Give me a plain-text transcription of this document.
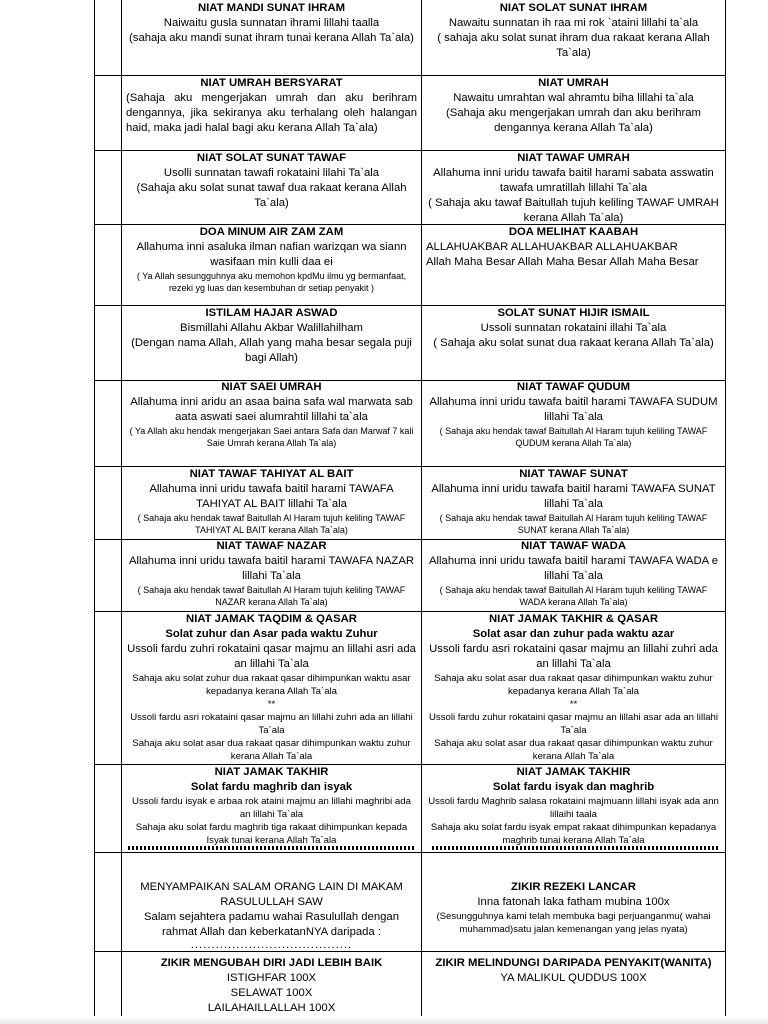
NIAT MANDI SUNAT IHRAM
Naiwaitu gusla sunnatan ihrami lillahi taalla
(sahaja aku mandi sunat ihram tunai kerana Allah Ta`ala)
NIAT SOLAT SUNAT IHRAM
Nawaitu sunnatan ih raa mi rok `ataini lillahi ta`ala
( sahaja aku solat sunat ihram dua rakaat kerana Allah Ta`ala)
NIAT UMRAH BERSYARAT
(Sahaja aku mengerjakan umrah dan aku berihram dengannya, jika sekiranya aku terhalang oleh halangan haid, maka jadi halal bagi aku kerana Allah Ta`ala)
NIAT UMRAH
Nawaitu umrahtan wal ahramtu biha lillahi ta`ala
(Sahaja aku mengerjakan umrah dan aku berihram dengannya kerana Allah Ta`ala)
NIAT SOLAT SUNAT TAWAF
Usolli sunnatan tawafi rokataini lilahi Ta`ala
(Sahaja aku solat sunat tawaf dua rakaat kerana Allah Ta`ala)
NIAT TAWAF UMRAH
Allahuma inni uridu tawafa baitil harami sabata asswatin tawafa umratillah lillahi Ta`ala
( Sahaja aku tawaf Baitullah tujuh keliling TAWAF UMRAH kerana Allah Ta`ala)
DOA MINUM AIR ZAM ZAM
Allahuma inni asaluka ilman nafian warizqan wa siann wasifaan min kulli daa ei
( Ya Allah sesungguhnya aku memohon kpdMu ilmu yg bermanfaat, rezeki yg luas dan kesembuhan dr setiap penyakit )
DOA MELIHAT KAABAH
ALLAHUAKBAR ALLAHUAKBAR ALLAHUAKBAR
Allah Maha Besar Allah Maha Besar Allah Maha Besar
ISTILAM HAJAR ASWAD
Bismillahi Allahu Akbar Walillahilham
(Dengan nama Allah, Allah yang maha besar segala puji bagi Allah)
SOLAT SUNAT HIJIR ISMAIL
Ussoli sunnatan rokataini illahi Ta`ala
( Sahaja aku solat sunat dua rakaat kerana Allah Ta`ala)
NIAT SAEI UMRAH
Allahuma inni aridu an asaa baina safa wal marwata sab aata aswati saei alumrahtil lillahi ta`ala
( Ya Allah aku hendak mengerjakan Saei antara Safa dan Marwaf 7 kali Saie Umrah kerana Allah Ta`ala)
NIAT TAWAF QUDUM
Allahuma inni uridu tawafa baitil harami TAWAFA SUDUM lillahi Ta`ala
( Sahaja aku hendak tawaf Baitullah Al Haram tujuh keliling TAWAF QUDUM kerana Allah Ta`ala)
NIAT TAWAF TAHIYAT AL BAIT
Allahuma inni uridu tawafa baitil harami TAWAFA TAHIYAT AL BAIT lillahi Ta`ala
( Sahaja aku hendak tawaf Baitullah Al Haram tujuh keliling TAWAF TAHIYAT AL BAIT kerana Allah Ta`ala)
NIAT TAWAF SUNAT
Allahuma inni uridu tawafa baitil harami TAWAFA SUNAT lillahi Ta`ala
( Sahaja aku hendak tawaf Baitullah Al Haram tujuh keliling TAWAF SUNAT kerana Allah Ta`ala)
NIAT TAWAF NAZAR
Allahuma inni uridu tawafa baitil harami TAWAFA NAZAR lillahi Ta`ala
( Sahaja aku hendak tawaf Baitullah Al Haram tujuh keliling TAWAF NAZAR kerana Allah Ta`ala)
NIAT TAWAF WADA
Allahuma inni uridu tawafa baitil harami TAWAFA WADA e lillahi Ta`ala
( Sahaja aku hendak tawaf Baitullah Al Haram tujuh keliling TAWAF WADA kerana Allah Ta`ala)
NIAT JAMAK TAQDIM & QASAR
Solat zuhur dan Asar pada waktu Zuhur
Ussoli fardu zuhri rokataini qasar majmu an lillahi asri ada an lillahi Ta`ala
Sahaja aku solat zuhur dua rakaat qasar dihimpunkan waktu asar kepadanya kerana Allah Ta`ala
**
Ussoli fardu asri rokataini qasar majmu an lillahi zuhri ada an lillahi Ta`ala
Sahaja aku solat asar dua rakaat qasar dihimpunkan waktu zuhur kerana Allah Ta`ala
NIAT JAMAK TAKHIR & QASAR
Solat asar dan zuhur pada waktu azar
Ussoli fardu asri rokataini qasar majmu an lillahi zuhri ada an lillahi Ta`ala
Sahaja aku solat asar dua rakaat qasar dihimpunkan waktu zuhur kepadanya kerana Allah Ta`ala
**
Ussoli fardu zuhur rokataini qasar majmu an lillahi asar ada an lillahi Ta`ala
Sahaja aku solat asar dua rakaat qasar dihimpunkan waktu zuhur kerana Allah Ta`ala
NIAT JAMAK TAKHIR
Solat fardu maghrib dan isyak
Ussoli fardu isyak e arbaa rok ataini majmu an lillahi maghribi ada an lillahi Ta`ala
Sahaja aku solat fardu maghrib tiga rakaat dihimpunkan kepada Isyak tunai kerana Allah Ta`ala
NIAT JAMAK TAKHIR
Solat fardu isyak dan maghrib
Ussoli fardu Maghrib salasa rokataini majmuann lillahi isyak ada ann lillaihi taala
Sahaja aku solat fardu isyak empat rakaat dihimpunkan kepadanya maghrib tunai kerana Allah Ta`ala
MENYAMPAIKAN SALAM ORANG LAIN DI MAKAM RASULULLAH SAW
Salam sejahtera padamu wahai Rasulullah dengan rahmat Allah dan keberkatanNYA daripada :
.......................................
ZIKIR REZEKI LANCAR
Inna fatonah laka fatham mubina 100x
(Sesungguhnya kami telah membuka bagi perjuanganmu( wahai muhammad)satu jalan kemenangan yang jelas nyata)
ZIKIR MENGUBAH DIRI JADI LEBIH BAIK
ISTIGHFAR 100X
SELAWAT 100X
LAILAHAILLALLAH 100X
ZIKIR MELINDUNGI DARIPADA PENYAKIT(WANITA)
YA MALIKUL QUDDUS 100X
